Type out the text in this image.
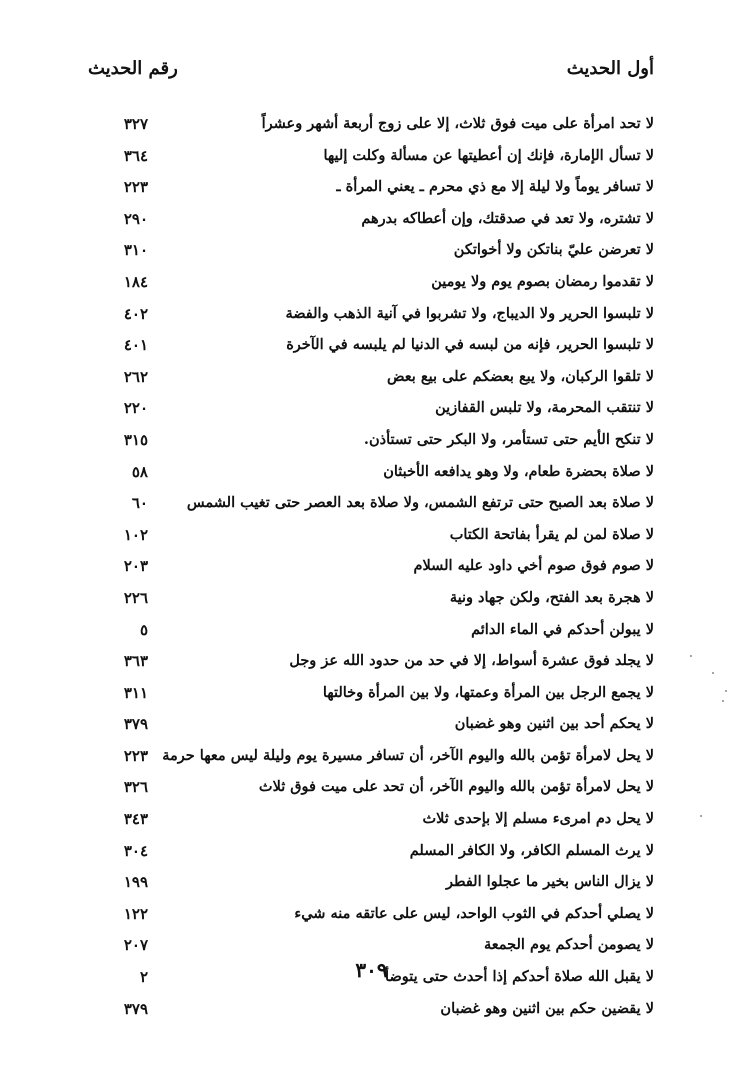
أول الحديث
رقم الحديث
لا تحد امرأة على ميت فوق ثلاث، إلا على زوج أربعة أشهر وعشراً
٣٢٧
لا تسأل الإمارة، فإنك إن أعطيتها عن مسألة وكلت إليها
٣٦٤
لا تسافر يوماً ولا ليلة إلا مع ذي محرم ـ يعني المرأة ـ
٢٢٣
لا تشتره، ولا تعد في صدقتك، وإن أعطاكه بدرهم
٢٩٠
لا تعرضن عليّ بناتكن ولا أخواتكن
٣١٠
لا تقدموا رمضان بصوم يوم ولا يومين
١٨٤
لا تلبسوا الحرير ولا الديباج، ولا تشربوا في آنية الذهب والفضة
٤٠٢
لا تلبسوا الحرير، فإنه من لبسه في الدنيا لم يلبسه في الآخرة
٤٠١
لا تلقوا الركبان، ولا يبع بعضكم على بيع بعض
٢٦٢
لا تنتقب المحرمة، ولا تلبس القفازين
٢٢٠
لا تنكح الأيم حتى تستأمر، ولا البكر حتى تستأذن.
٣١٥
لا صلاة بحضرة طعام، ولا وهو يدافعه الأخبثان
٥٨
لا صلاة بعد الصبح حتى ترتفع الشمس، ولا صلاة بعد العصر حتى تغيب الشمس
٦٠
لا صلاة لمن لم يقرأ بفاتحة الكتاب
١٠٢
لا صوم فوق صوم أخي داود عليه السلام
٢٠٣
لا هجرة بعد الفتح، ولكن جهاد ونية
٢٢٦
لا يبولن أحدكم في الماء الدائم
٥
لا يجلد فوق عشرة أسواط، إلا في حد من حدود الله عز وجل
٣٦٣
لا يجمع الرجل بين المرأة وعمتها، ولا بين المرأة وخالتها
٣١١
لا يحكم أحد بين اثنين وهو غضبان
٣٧٩
لا يحل لامرأة تؤمن بالله واليوم الآخر، أن تسافر مسيرة يوم وليلة ليس معها حرمة
٢٢٣
لا يحل لامرأة تؤمن بالله واليوم الآخر، أن تحد على ميت فوق ثلاث
٣٢٦
لا يحل دم امرىء مسلم إلا بإحدى ثلاث
٣٤٣
لا يرث المسلم الكافر، ولا الكافر المسلم
٣٠٤
لا يزال الناس بخير ما عجلوا الفطر
١٩٩
لا يصلي أحدكم في الثوب الواحد، ليس على عاتقه منه شيء
١٢٢
لا يصومن أحدكم يوم الجمعة
٢٠٧
لا يقبل الله صلاة أحدكم إذا أحدث حتى يتوضأ
٢
لا يقضين حكم بين اثنين وهو غضبان
٣٧٩
٣٠٩
